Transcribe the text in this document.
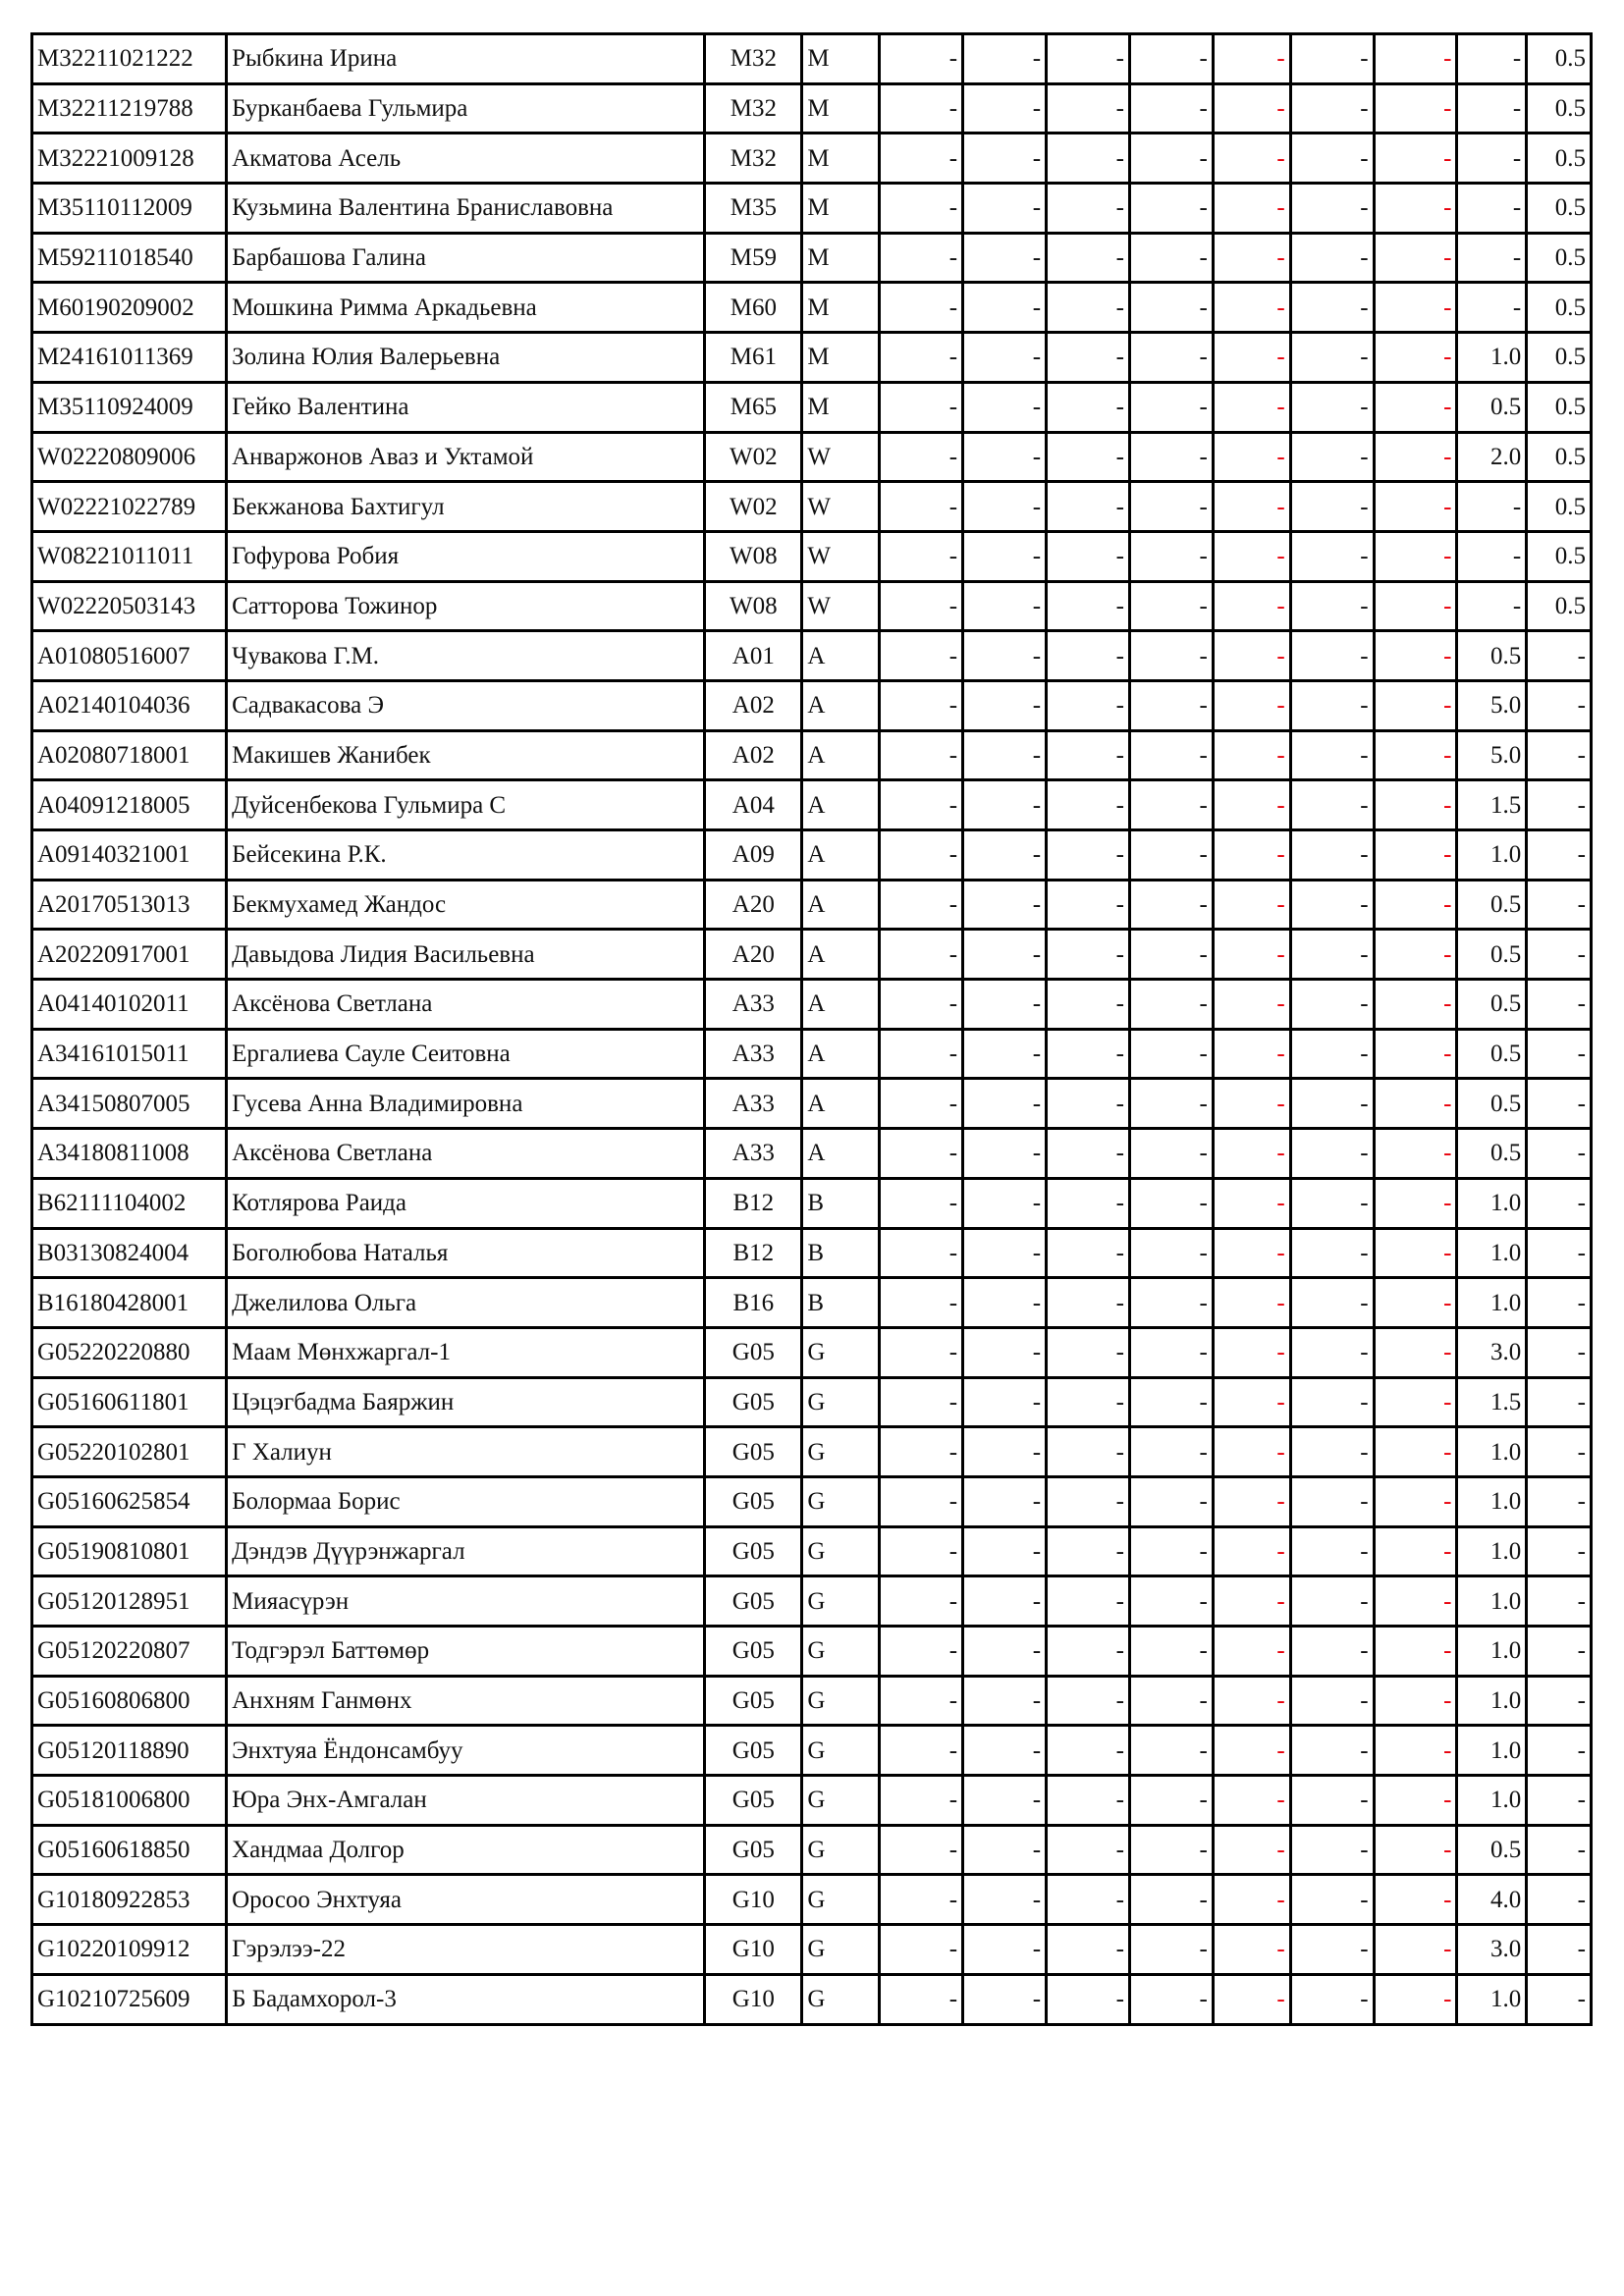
M32211021222	Рыбкина Ирина	M32	M	-	-	-	-	-	-	-	-	0.5
M32211219788	Бурканбаева Гульмира	M32	M	-	-	-	-	-	-	-	-	0.5
M32221009128	Акматова Асель	M32	M	-	-	-	-	-	-	-	-	0.5
M35110112009	Кузьмина Валентина Браниславовна	M35	M	-	-	-	-	-	-	-	-	0.5
M59211018540	Барбашова Галина	M59	M	-	-	-	-	-	-	-	-	0.5
M60190209002	Мошкина Римма Аркадьевна	M60	M	-	-	-	-	-	-	-	-	0.5
M24161011369	Золина Юлия Валерьевна	M61	M	-	-	-	-	-	-	-	1.0	0.5
M35110924009	Гейко Валентина	M65	M	-	-	-	-	-	-	-	0.5	0.5
W02220809006	Анваржонов Аваз и Уктамой	W02	W	-	-	-	-	-	-	-	2.0	0.5
W02221022789	Бекжанова Бахтигул	W02	W	-	-	-	-	-	-	-	-	0.5
W08221011011	Гофурова Робия	W08	W	-	-	-	-	-	-	-	-	0.5
W02220503143	Сатторова Тожинор	W08	W	-	-	-	-	-	-	-	-	0.5
A01080516007	Чувакова Г.М.	A01	A	-	-	-	-	-	-	-	0.5	-
A02140104036	Садвакасова Э	A02	A	-	-	-	-	-	-	-	5.0	-
A02080718001	Макишев Жанибек	A02	A	-	-	-	-	-	-	-	5.0	-
A04091218005	Дуйсенбекова Гульмира С	A04	A	-	-	-	-	-	-	-	1.5	-
A09140321001	Бейсекина Р.К.	A09	A	-	-	-	-	-	-	-	1.0	-
A20170513013	Бекмухамед Жандос	A20	A	-	-	-	-	-	-	-	0.5	-
A20220917001	Давыдова Лидия Васильевна	A20	A	-	-	-	-	-	-	-	0.5	-
A04140102011	Аксёнова Светлана	A33	A	-	-	-	-	-	-	-	0.5	-
A34161015011	Ергалиева Сауле Сеитовна	A33	A	-	-	-	-	-	-	-	0.5	-
A34150807005	Гусева Анна Владимировна	A33	A	-	-	-	-	-	-	-	0.5	-
A34180811008	Аксёнова Светлана	A33	A	-	-	-	-	-	-	-	0.5	-
B62111104002	Котлярова Раида	B12	B	-	-	-	-	-	-	-	1.0	-
B03130824004	Боголюбова Наталья	B12	B	-	-	-	-	-	-	-	1.0	-
B16180428001	Джелилова Ольга	B16	B	-	-	-	-	-	-	-	1.0	-
G05220220880	Маам Мөнхжаргал-1	G05	G	-	-	-	-	-	-	-	3.0	-
G05160611801	Цэцэгбадма Баяржин	G05	G	-	-	-	-	-	-	-	1.5	-
G05220102801	Г Халиун	G05	G	-	-	-	-	-	-	-	1.0	-
G05160625854	Болормаа Борис	G05	G	-	-	-	-	-	-	-	1.0	-
G05190810801	Дэндэв Дүүрэнжаргал	G05	G	-	-	-	-	-	-	-	1.0	-
G05120128951	Мияасүрэн	G05	G	-	-	-	-	-	-	-	1.0	-
G05120220807	Тодгэрэл Баттөмөр	G05	G	-	-	-	-	-	-	-	1.0	-
G05160806800	Анхням Ганмөнх	G05	G	-	-	-	-	-	-	-	1.0	-
G05120118890	Энхтуяа Ёндонсамбуу	G05	G	-	-	-	-	-	-	-	1.0	-
G05181006800	Юра Энх-Амгалан	G05	G	-	-	-	-	-	-	-	1.0	-
G05160618850	Хандмаа Долгор	G05	G	-	-	-	-	-	-	-	0.5	-
G10180922853	Оросоо Энхтуяа	G10	G	-	-	-	-	-	-	-	4.0	-
G10220109912	Гэрэлээ-22	G10	G	-	-	-	-	-	-	-	3.0	-
G10210725609	Б Бадамхорол-3	G10	G	-	-	-	-	-	-	-	1.0	-
